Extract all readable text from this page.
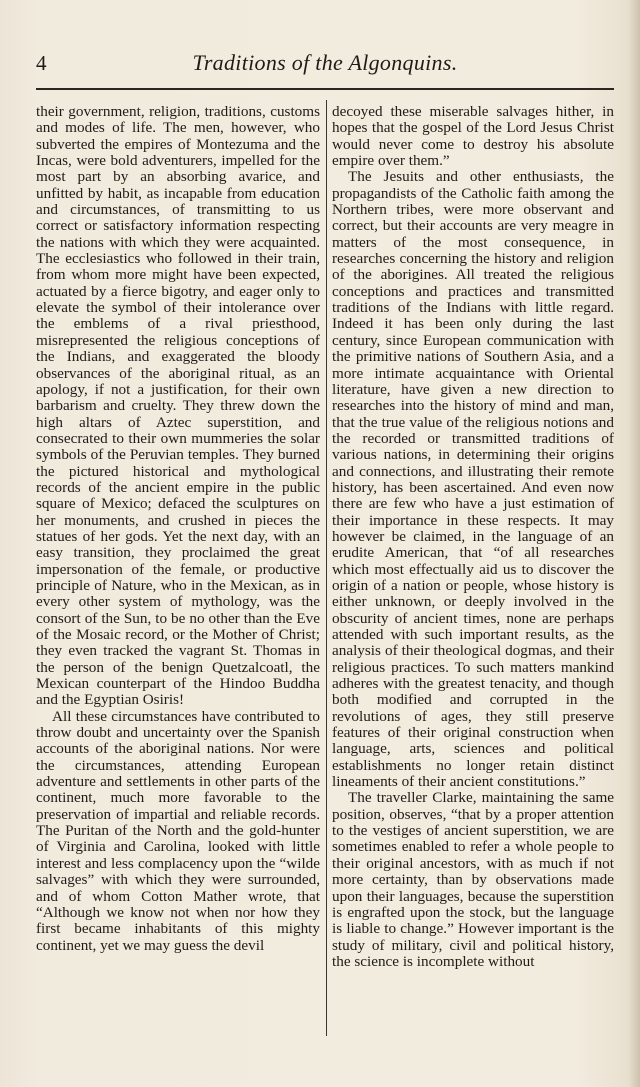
4	Traditions of the Algonquins.

their government, religion, traditions, customs and modes of life. The men, however, who subverted the empires of Montezuma and the Incas, were bold adventurers, impelled for the most part by an absorbing avarice, and unfitted by habit, as incapable from education and circumstances, of transmitting to us correct or satisfactory information respecting the nations with which they were acquainted. The ecclesiastics who followed in their train, from whom more might have been expected, actuated by a fierce bigotry, and eager only to elevate the symbol of their intolerance over the emblems of a rival priesthood, misrepresented the religious conceptions of the Indians, and exaggerated the bloody observances of the aboriginal ritual, as an apology, if not a justification, for their own barbarism and cruelty. They threw down the high altars of Aztec superstition, and consecrated to their own mummeries the solar symbols of the Peruvian temples. They burned the pictured historical and mythological records of the ancient empire in the public square of Mexico; defaced the sculptures on her monuments, and crushed in pieces the statues of her gods. Yet the next day, with an easy transition, they proclaimed the great impersonation of the female, or productive principle of Nature, who in the Mexican, as in every other system of mythology, was the consort of the Sun, to be no other than the Eve of the Mosaic record, or the Mother of Christ; they even tracked the vagrant St. Thomas in the person of the benign Quetzalcoatl, the Mexican counterpart of the Hindoo Buddha and the Egyptian Osiris!

All these circumstances have contributed to throw doubt and uncertainty over the Spanish accounts of the aboriginal nations. Nor were the circumstances, attending European adventure and settlements in other parts of the continent, much more favorable to the preservation of impartial and reliable records. The Puritan of the North and the gold-hunter of Virginia and Carolina, looked with little interest and less complacency upon the “wilde salvages” with which they were surrounded, and of whom Cotton Mather wrote, that “Although we know not when nor how they first became inhabitants of this mighty continent, yet we may guess the devil

decoyed these miserable salvages hither, in hopes that the gospel of the Lord Jesus Christ would never come to destroy his absolute empire over them.”

The Jesuits and other enthusiasts, the propagandists of the Catholic faith among the Northern tribes, were more observant and correct, but their accounts are very meagre in matters of the most consequence, in researches concerning the history and religion of the aborigines. All treated the religious conceptions and practices and transmitted traditions of the Indians with little regard. Indeed it has been only during the last century, since European communication with the primitive nations of Southern Asia, and a more intimate acquaintance with Oriental literature, have given a new direction to researches into the history of mind and man, that the true value of the religious notions and the recorded or transmitted traditions of various nations, in determining their origins and connections, and illustrating their remote history, has been ascertained. And even now there are few who have a just estimation of their importance in these respects. It may however be claimed, in the language of an erudite American, that “of all researches which most effectually aid us to discover the origin of a nation or people, whose history is either unknown, or deeply involved in the obscurity of ancient times, none are perhaps attended with such important results, as the analysis of their theological dogmas, and their religious practices. To such matters mankind adheres with the greatest tenacity, and though both modified and corrupted in the revolutions of ages, they still preserve features of their original construction when language, arts, sciences and political establishments no longer retain distinct lineaments of their ancient constitutions.”

The traveller Clarke, maintaining the same position, observes, “that by a proper attention to the vestiges of ancient superstition, we are sometimes enabled to refer a whole people to their original ancestors, with as much if not more certainty, than by observations made upon their languages, because the superstition is engrafted upon the stock, but the language is liable to change.” However important is the study of military, civil and political history, the science is incomplete without
